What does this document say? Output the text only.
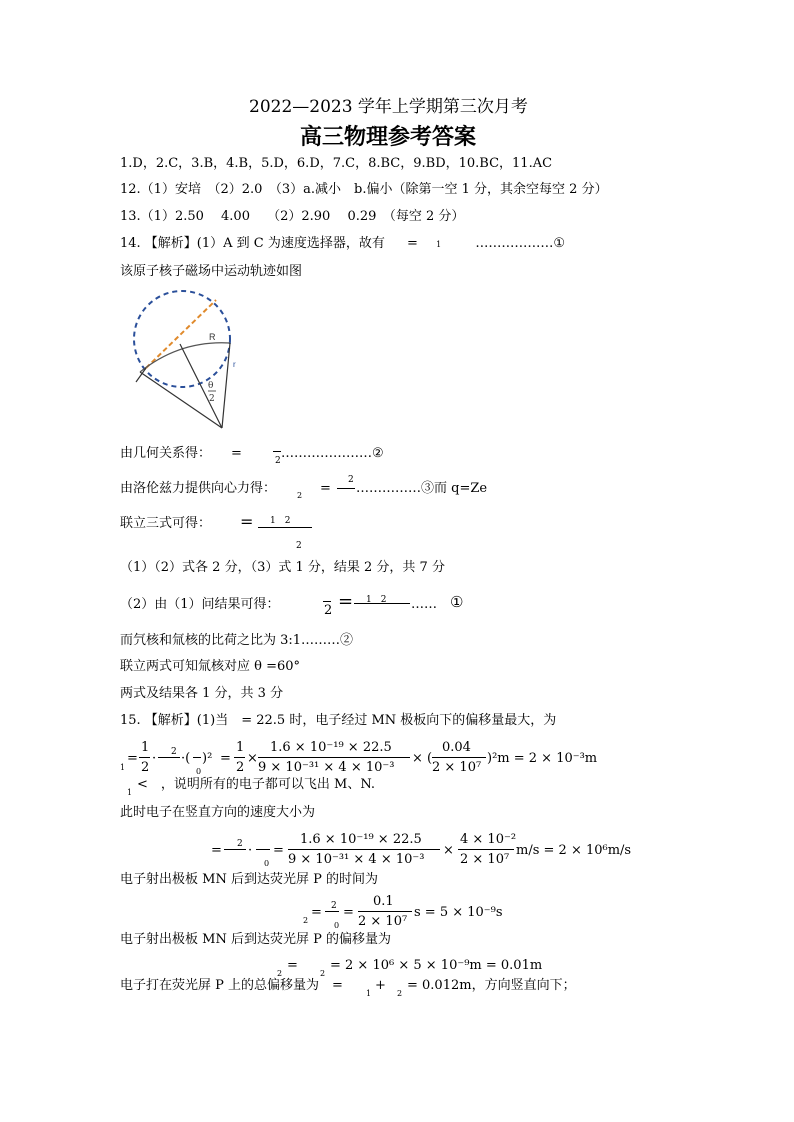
2022—2023 学年上学期第三次月考
高三物理参考答案
1.D，2.C，3.B，4.B，5.D，6.D，7.C，8.BC，9.BD，10.BC，11.AC
12.（1）安培　（2）2.0　（3）a.减小　b.偏小（除第一空 1 分，其余空每空 2 分）
13.（1）2.50　 4.00　 （2）2.90　 0.29　（每空 2 分）
14. 【解析】(1）A 到 C 为速度选择器，故有 = 1	………………①
该原子核子磁场中运动轨迹如图
R
r
θ
2
由几何关系得： =	2 …………………②
由洛伦兹力提供向心力得：	2 =
2
……………③而 q=Ze
联立三式可得： = 1　2
2
（1）（2）式各 2 分，（3）式 1 分，结果 2 分，共 7 分
（2）由（1）问结果可得：	2 = 1　2 …… ①
而氕核和氚核的比荷之比为 3:1………②
联立两式可知氚核对应 θ =60°
两式及结果各 1 分，共 3 分
15. 【解析】(1)当　= 22.5 时，电子经过 MN 极板向下的偏移量最大，为
1
=
1
2
2
· ·(
0
)² =
1
2
×
1.6 × 10⁻¹⁹ × 22.5
9 × 10⁻³¹ × 4 × 10⁻³
× (
0.04
2 × 10⁷
)²m = 2 × 10⁻³m
1
<　，说明所有的电子都可以飞出 M、N.
此时电子在竖直方向的速度大小为
= 2 ·
0
=
1.6 × 10⁻¹⁹ × 22.5
9 × 10⁻³¹ × 4 × 10⁻³
×
4 × 10⁻²
2 × 10⁷
m/s = 2 × 10⁶m/s
电子射出极板 MN 后到达荧光屏 P 的时间为
2
= 2
0
=
0.1
2 × 10⁷
s = 5 × 10⁻⁹s
电子射出极板 MN 后到达荧光屏 P 的偏移量为
2
=
2
= 2 × 10⁶ × 5 × 10⁻⁹m = 0.01m
电子打在荧光屏 P 上的总偏移量为　=
1
+
2
= 0.012m，方向竖直向下；
